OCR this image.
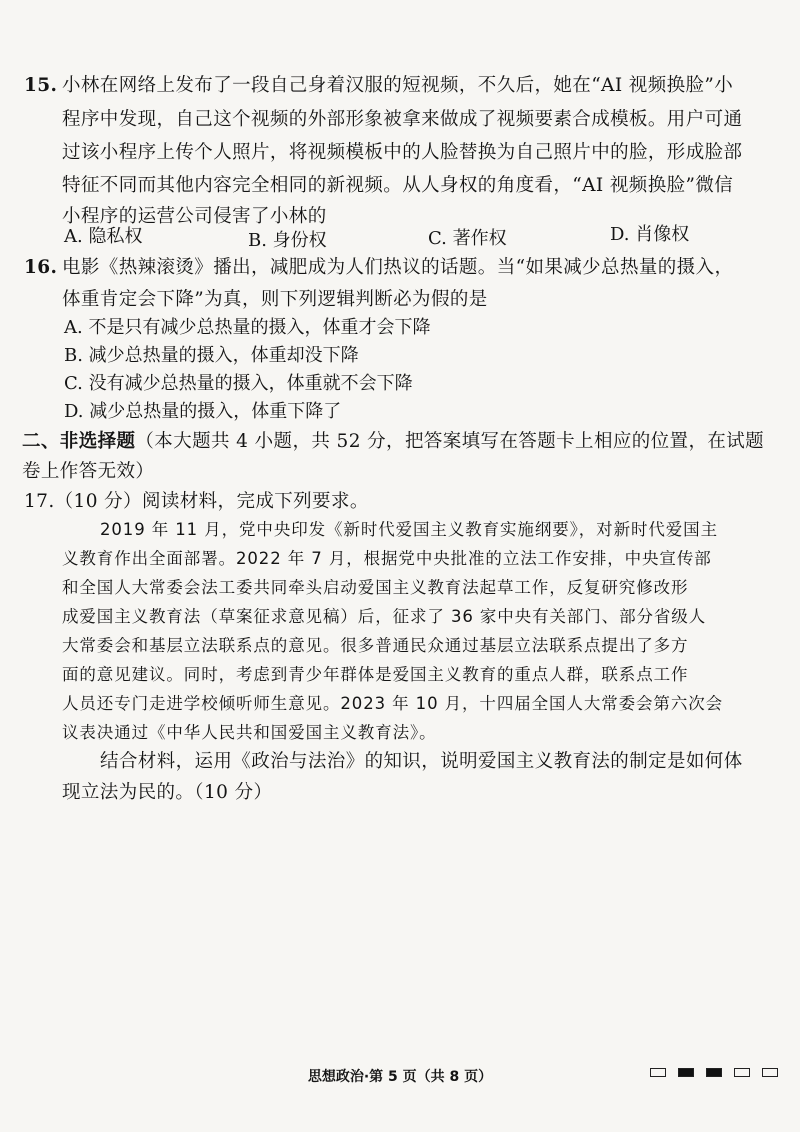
15. 小林在网络上发布了一段自己身着汉服的短视频，不久后，她在“AI 视频换脸”小
程序中发现，自己这个视频的外部形象被拿来做成了视频要素合成模板。用户可通
过该小程序上传个人照片，将视频模板中的人脸替换为自己照片中的脸，形成脸部
特征不同而其他内容完全相同的新视频。从人身权的角度看，“AI 视频换脸”微信
小程序的运营公司侵害了小林的
A. 隐私权	B. 身份权	C. 著作权	D. 肖像权
16. 电影《热辣滚烫》播出，减肥成为人们热议的话题。当“如果减少总热量的摄入，
体重肯定会下降”为真，则下列逻辑判断必为假的是
A. 不是只有减少总热量的摄入，体重才会下降
B. 减少总热量的摄入，体重却没下降
C. 没有减少总热量的摄入，体重就不会下降
D. 减少总热量的摄入，体重下降了
二、非选择题（本大题共 4 小题，共 52 分，把答案填写在答题卡上相应的位置，在试题
卷上作答无效）
17.（10 分）阅读材料，完成下列要求。
2019 年 11 月，党中央印发《新时代爱国主义教育实施纲要》，对新时代爱国主
义教育作出全面部署。2022 年 7 月，根据党中央批准的立法工作安排，中央宣传部
和全国人大常委会法工委共同牵头启动爱国主义教育法起草工作，反复研究修改形
成爱国主义教育法（草案征求意见稿）后，征求了 36 家中央有关部门、部分省级人
大常委会和基层立法联系点的意见。很多普通民众通过基层立法联系点提出了多方
面的意见建议。同时，考虑到青少年群体是爱国主义教育的重点人群，联系点工作
人员还专门走进学校倾听师生意见。2023 年 10 月，十四届全国人大常委会第六次会
议表决通过《中华人民共和国爱国主义教育法》。
结合材料，运用《政治与法治》的知识，说明爱国主义教育法的制定是如何体
现立法为民的。（10 分）
思想政治·第 5 页（共 8 页）
